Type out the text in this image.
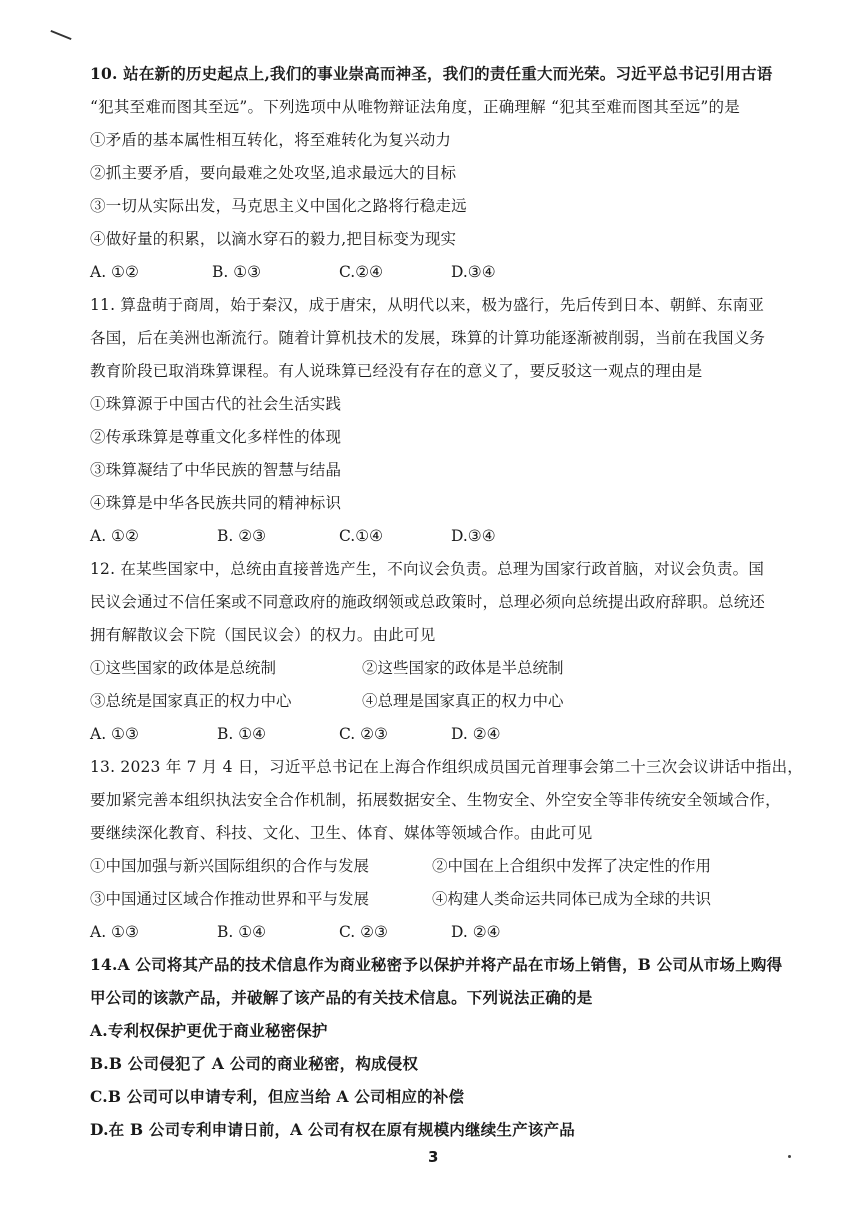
10. 站在新的历史起点上,我们的事业崇高而神圣，我们的责任重大而光荣。习近平总书记引用古语
“犯其至难而图其至远”。下列选项中从唯物辩证法角度，正确理解 “犯其至难而图其至远”的是
①矛盾的基本属性相互转化，将至难转化为复兴动力
②抓主要矛盾，要向最难之处攻坚,追求最远大的目标
③一切从实际出发，马克思主义中国化之路将行稳走远
④做好量的积累，以滴水穿石的毅力,把目标变为现实
A. ①②	B. ①③	C.②④	D.③④
11. 算盘萌于商周，始于秦汉，成于唐宋，从明代以来，极为盛行，先后传到日本、朝鲜、东南亚
各国，后在美洲也渐流行。随着计算机技术的发展，珠算的计算功能逐渐被削弱，当前在我国义务
教育阶段已取消珠算课程。有人说珠算已经没有存在的意义了，要反驳这一观点的理由是
①珠算源于中国古代的社会生活实践
②传承珠算是尊重文化多样性的体现
③珠算凝结了中华民族的智慧与结晶
④珠算是中华各民族共同的精神标识
A. ①②	B. ②③	C.①④	D.③④
12. 在某些国家中，总统由直接普选产生，不向议会负责。总理为国家行政首脑，对议会负责。国
民议会通过不信任案或不同意政府的施政纲领或总政策时，总理必须向总统提出政府辞职。总统还
拥有解散议会下院（国民议会）的权力。由此可见
①这些国家的政体是总统制	②这些国家的政体是半总统制
③总统是国家真正的权力中心	④总理是国家真正的权力中心
A. ①③	B. ①④	C. ②③	D. ②④
13. 2023 年 7 月 4 日，习近平总书记在上海合作组织成员国元首理事会第二十三次会议讲话中指出，
要加紧完善本组织执法安全合作机制，拓展数据安全、生物安全、外空安全等非传统安全领域合作，
要继续深化教育、科技、文化、卫生、体育、媒体等领域合作。由此可见
①中国加强与新兴国际组织的合作与发展	②中国在上合组织中发挥了决定性的作用
③中国通过区域合作推动世界和平与发展	④构建人类命运共同体已成为全球的共识
A. ①③	B. ①④	C. ②③	D. ②④
14.A 公司将其产品的技术信息作为商业秘密予以保护并将产品在市场上销售，B 公司从市场上购得
甲公司的该款产品，并破解了该产品的有关技术信息。下列说法正确的是
A.专利权保护更优于商业秘密保护
B.B 公司侵犯了 A 公司的商业秘密，构成侵权
C.B 公司可以申请专利，但应当给 A 公司相应的补偿
D.在 B 公司专利申请日前，A 公司有权在原有规模内继续生产该产品
3
